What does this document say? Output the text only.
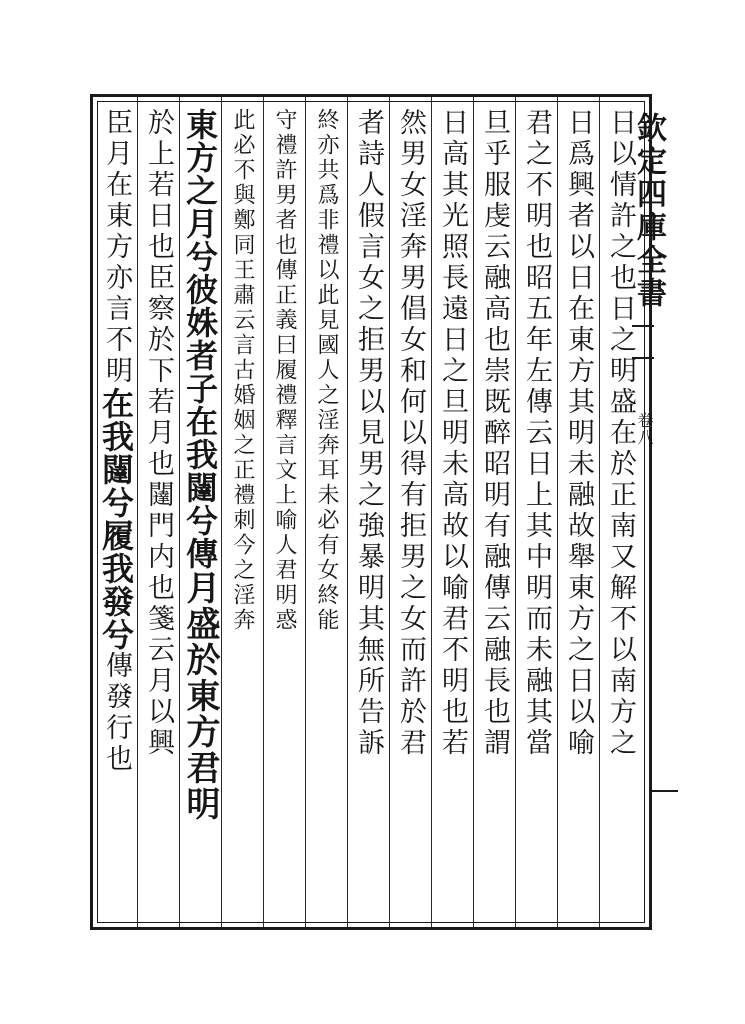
欽定四庫全書
卷八
日以情許之也日之明盛在於正南又解不以南方之
日爲興者以日在東方其明未融故舉東方之日以喻
君之不明也昭五年左傳云日上其中明而未融其當
旦乎服虔云融高也崇既醉昭明有融傳云融長也謂
日高其光照長遠日之旦明未高故以喻君不明也若
然男女淫奔男倡女和何以得有拒男之女而許於君
者詩人假言女之拒男以見男之強暴明其無所告訴
終亦共爲非禮以此見國人之淫奔耳未必有女終能
守禮許男者也傳正義曰履禮釋言文上喻人君明惑
此必不與鄭同王肅云言古婚姻之正禮刺今之淫奔
東方之月兮彼姝者子在我闥兮傳月盛於東方君明
於上若日也臣察於下若月也闥門内也箋云月以興
臣月在東方亦言不明在我闥兮履我發兮傳發行也
